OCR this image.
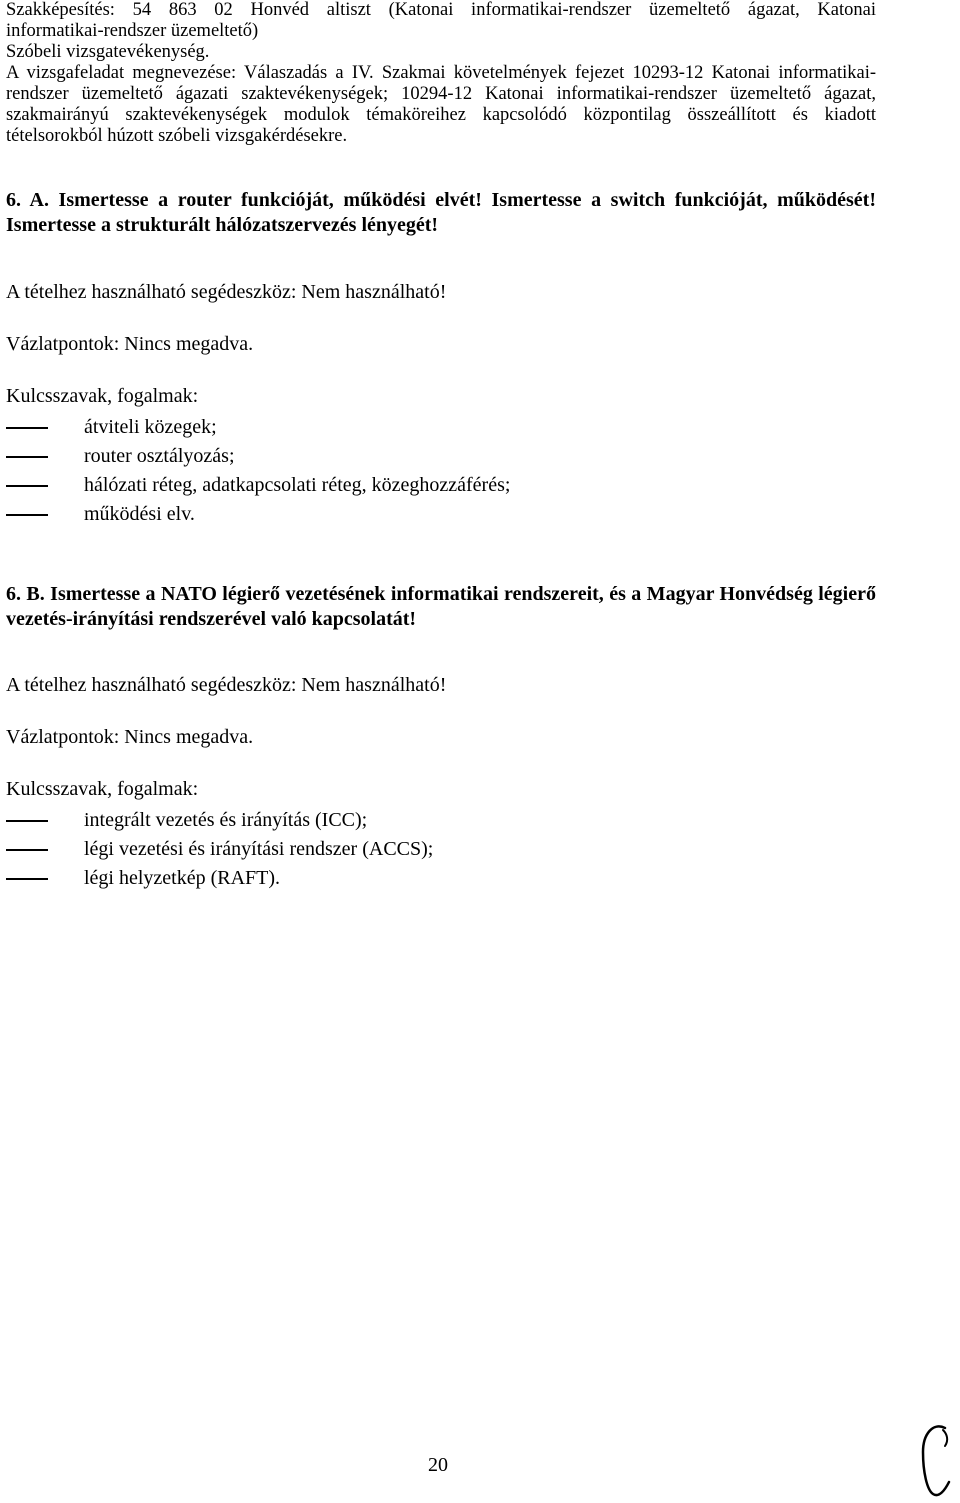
Szakképesítés: 54 863 02 Honvéd altiszt (Katonai informatikai-rendszer üzemeltető ágazat, Katonai

informatikai-rendszer üzemeltető)

Szóbeli vizsgatevékenység.

A vizsgafeladat megnevezése: Válaszadás a IV. Szakmai követelmények fejezet 10293-12 Katonai informatikai-

rendszer üzemeltető ágazati szaktevékenységek; 10294-12 Katonai informatikai-rendszer üzemeltető ágazat,

szakmairányú szaktevékenységek modulok témaköreihez kapcsolódó központilag összeállított és kiadott

tételsorokból húzott szóbeli vizsgakérdésekre.

6. A. Ismertesse a router funkcióját, működési elvét! Ismertesse a switch funkcióját, működését! Ismertesse a strukturált hálózatszervezés lényegét!

A tételhez használható segédeszköz: Nem használható!

Vázlatpontok: Nincs megadva.

Kulcsszavak, fogalmak:

átviteli közegek;
router osztályozás;
hálózati réteg, adatkapcsolati réteg, közeghozzáférés;
működési elv.

6. B. Ismertesse a NATO légierő vezetésének informatikai rendszereit, és a Magyar Honvédség légierő vezetés-irányítási rendszerével való kapcsolatát!

A tételhez használható segédeszköz: Nem használható!

Vázlatpontok: Nincs megadva.

Kulcsszavak, fogalmak:

integrált vezetés és irányítás (ICC);
légi vezetési és irányítási rendszer (ACCS);
légi helyzetkép (RAFT).
20
